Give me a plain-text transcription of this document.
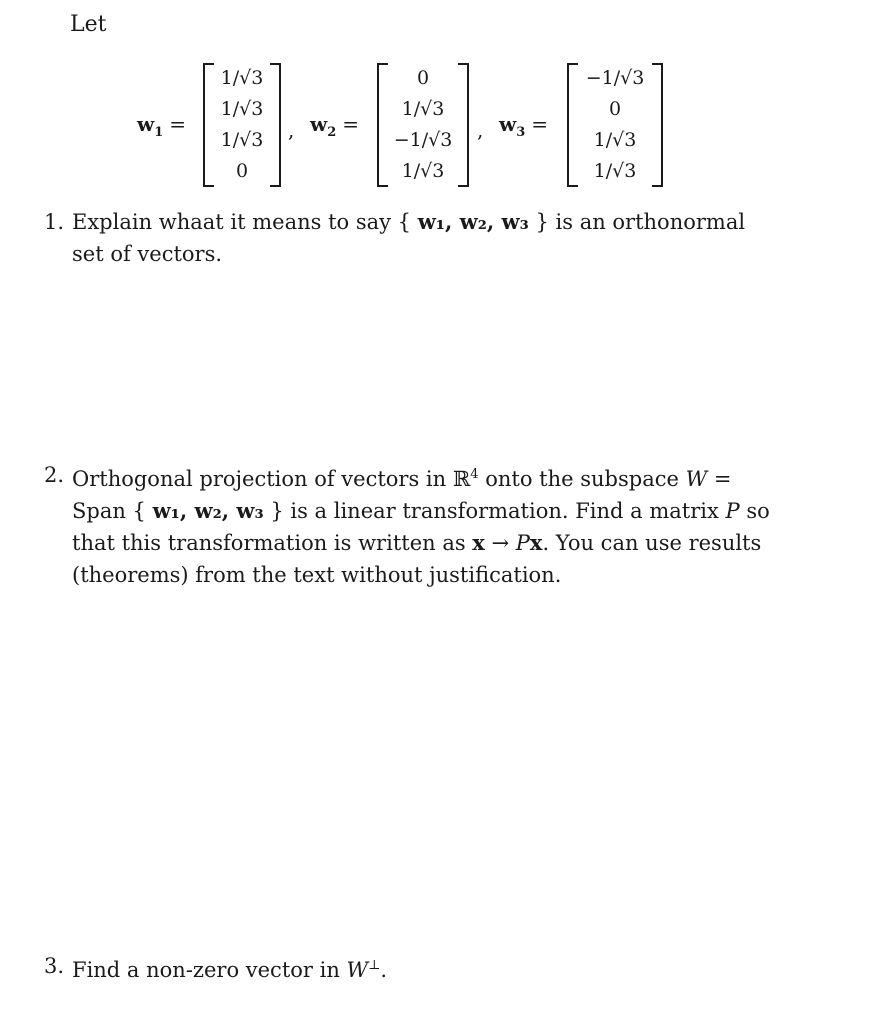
Let
$w_1$ =
1/√3
1/√3
1/√3
0
, $w_2$ =
0
1/√3
−1/√3
1/√3
, $w_3$ =
−1/√3
0
1/√3
1/√3
1. Explain whaat it means to say { w₁, w₂, w₃ } is an orthonormal
set of vectors.
2. Orthogonal projection of vectors in ℝ$^4$ onto the subspace W =
Span { w₁, w₂, w₃ } is a linear transformation. Find a matrix P so
that this transformation is written as x → Px. You can use results
(theorems) from the text without justification.
3. Find a non-zero vector in W⊥.
